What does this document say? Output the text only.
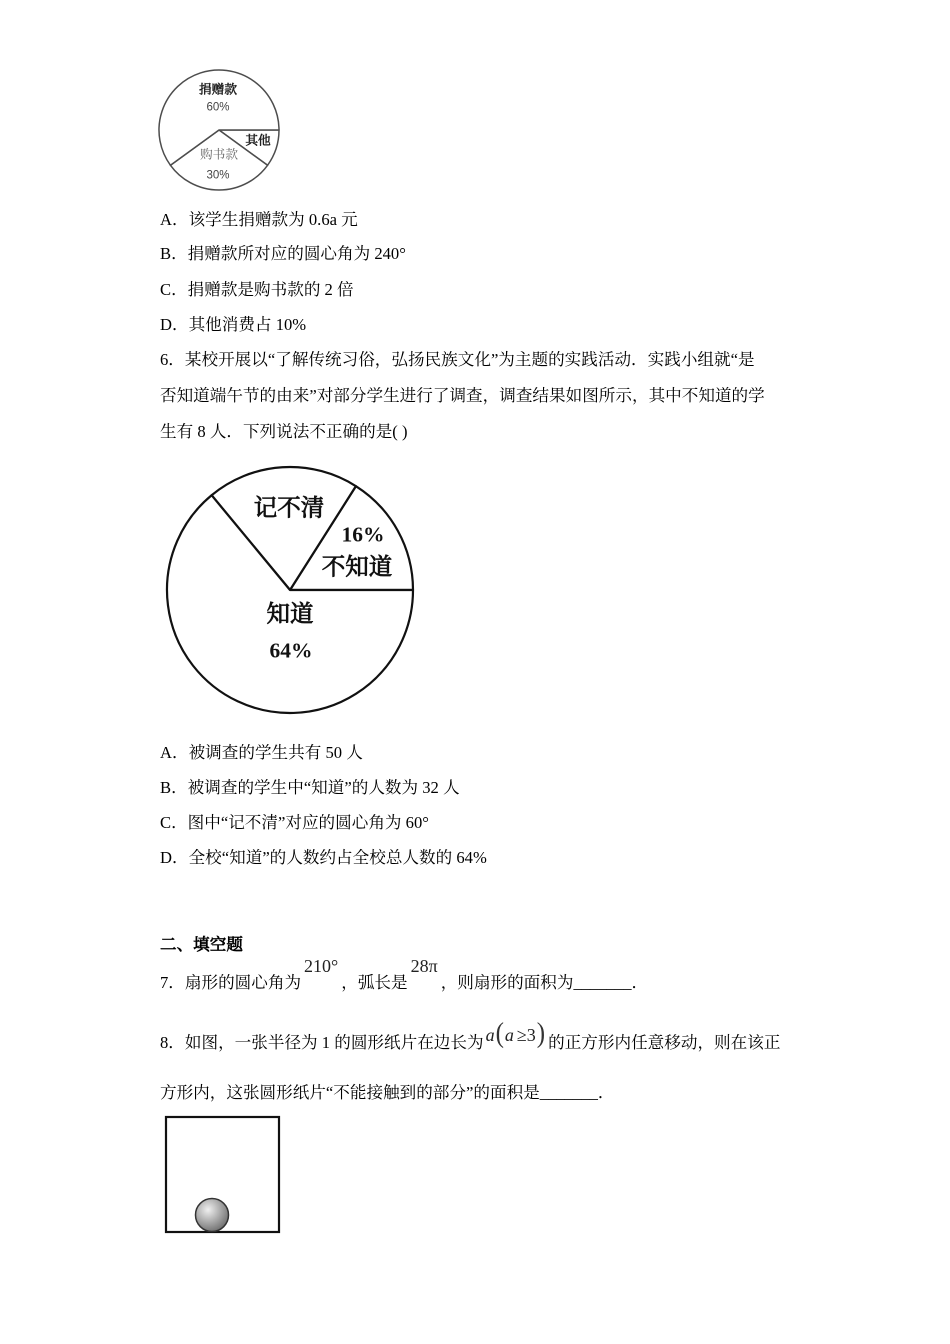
捐赠款
60%
其他
购书款
30%
A．该学生捐赠款为 0.6a 元
B．捐赠款所对应的圆心角为 240°
C．捐赠款是购书款的 2 倍
D．其他消费占 10%
6．某校开展以“了解传统习俗，弘扬民族文化”为主题的实践活动．实践小组就“是
否知道端午节的由来”对部分学生进行了调查，调查结果如图所示，其中不知道的学
生有 8 人．下列说法不正确的是( )
记不清
16%
不知道
知道
64%
A．被调查的学生共有 50 人
B．被调查的学生中“知道”的人数为 32 人
C．图中“记不清”对应的圆心角为 60°
D．全校“知道”的人数约占全校总人数的 64%
二、填空题
7．扇形的圆心角为210°，弧长是28π，则扇形的面积为_______．
8．如图，一张半径为 1 的圆形纸片在边长为 a(a ≥3) 的正方形内任意移动，则在该正
方形内，这张圆形纸片“不能接触到的部分”的面积是_______．
